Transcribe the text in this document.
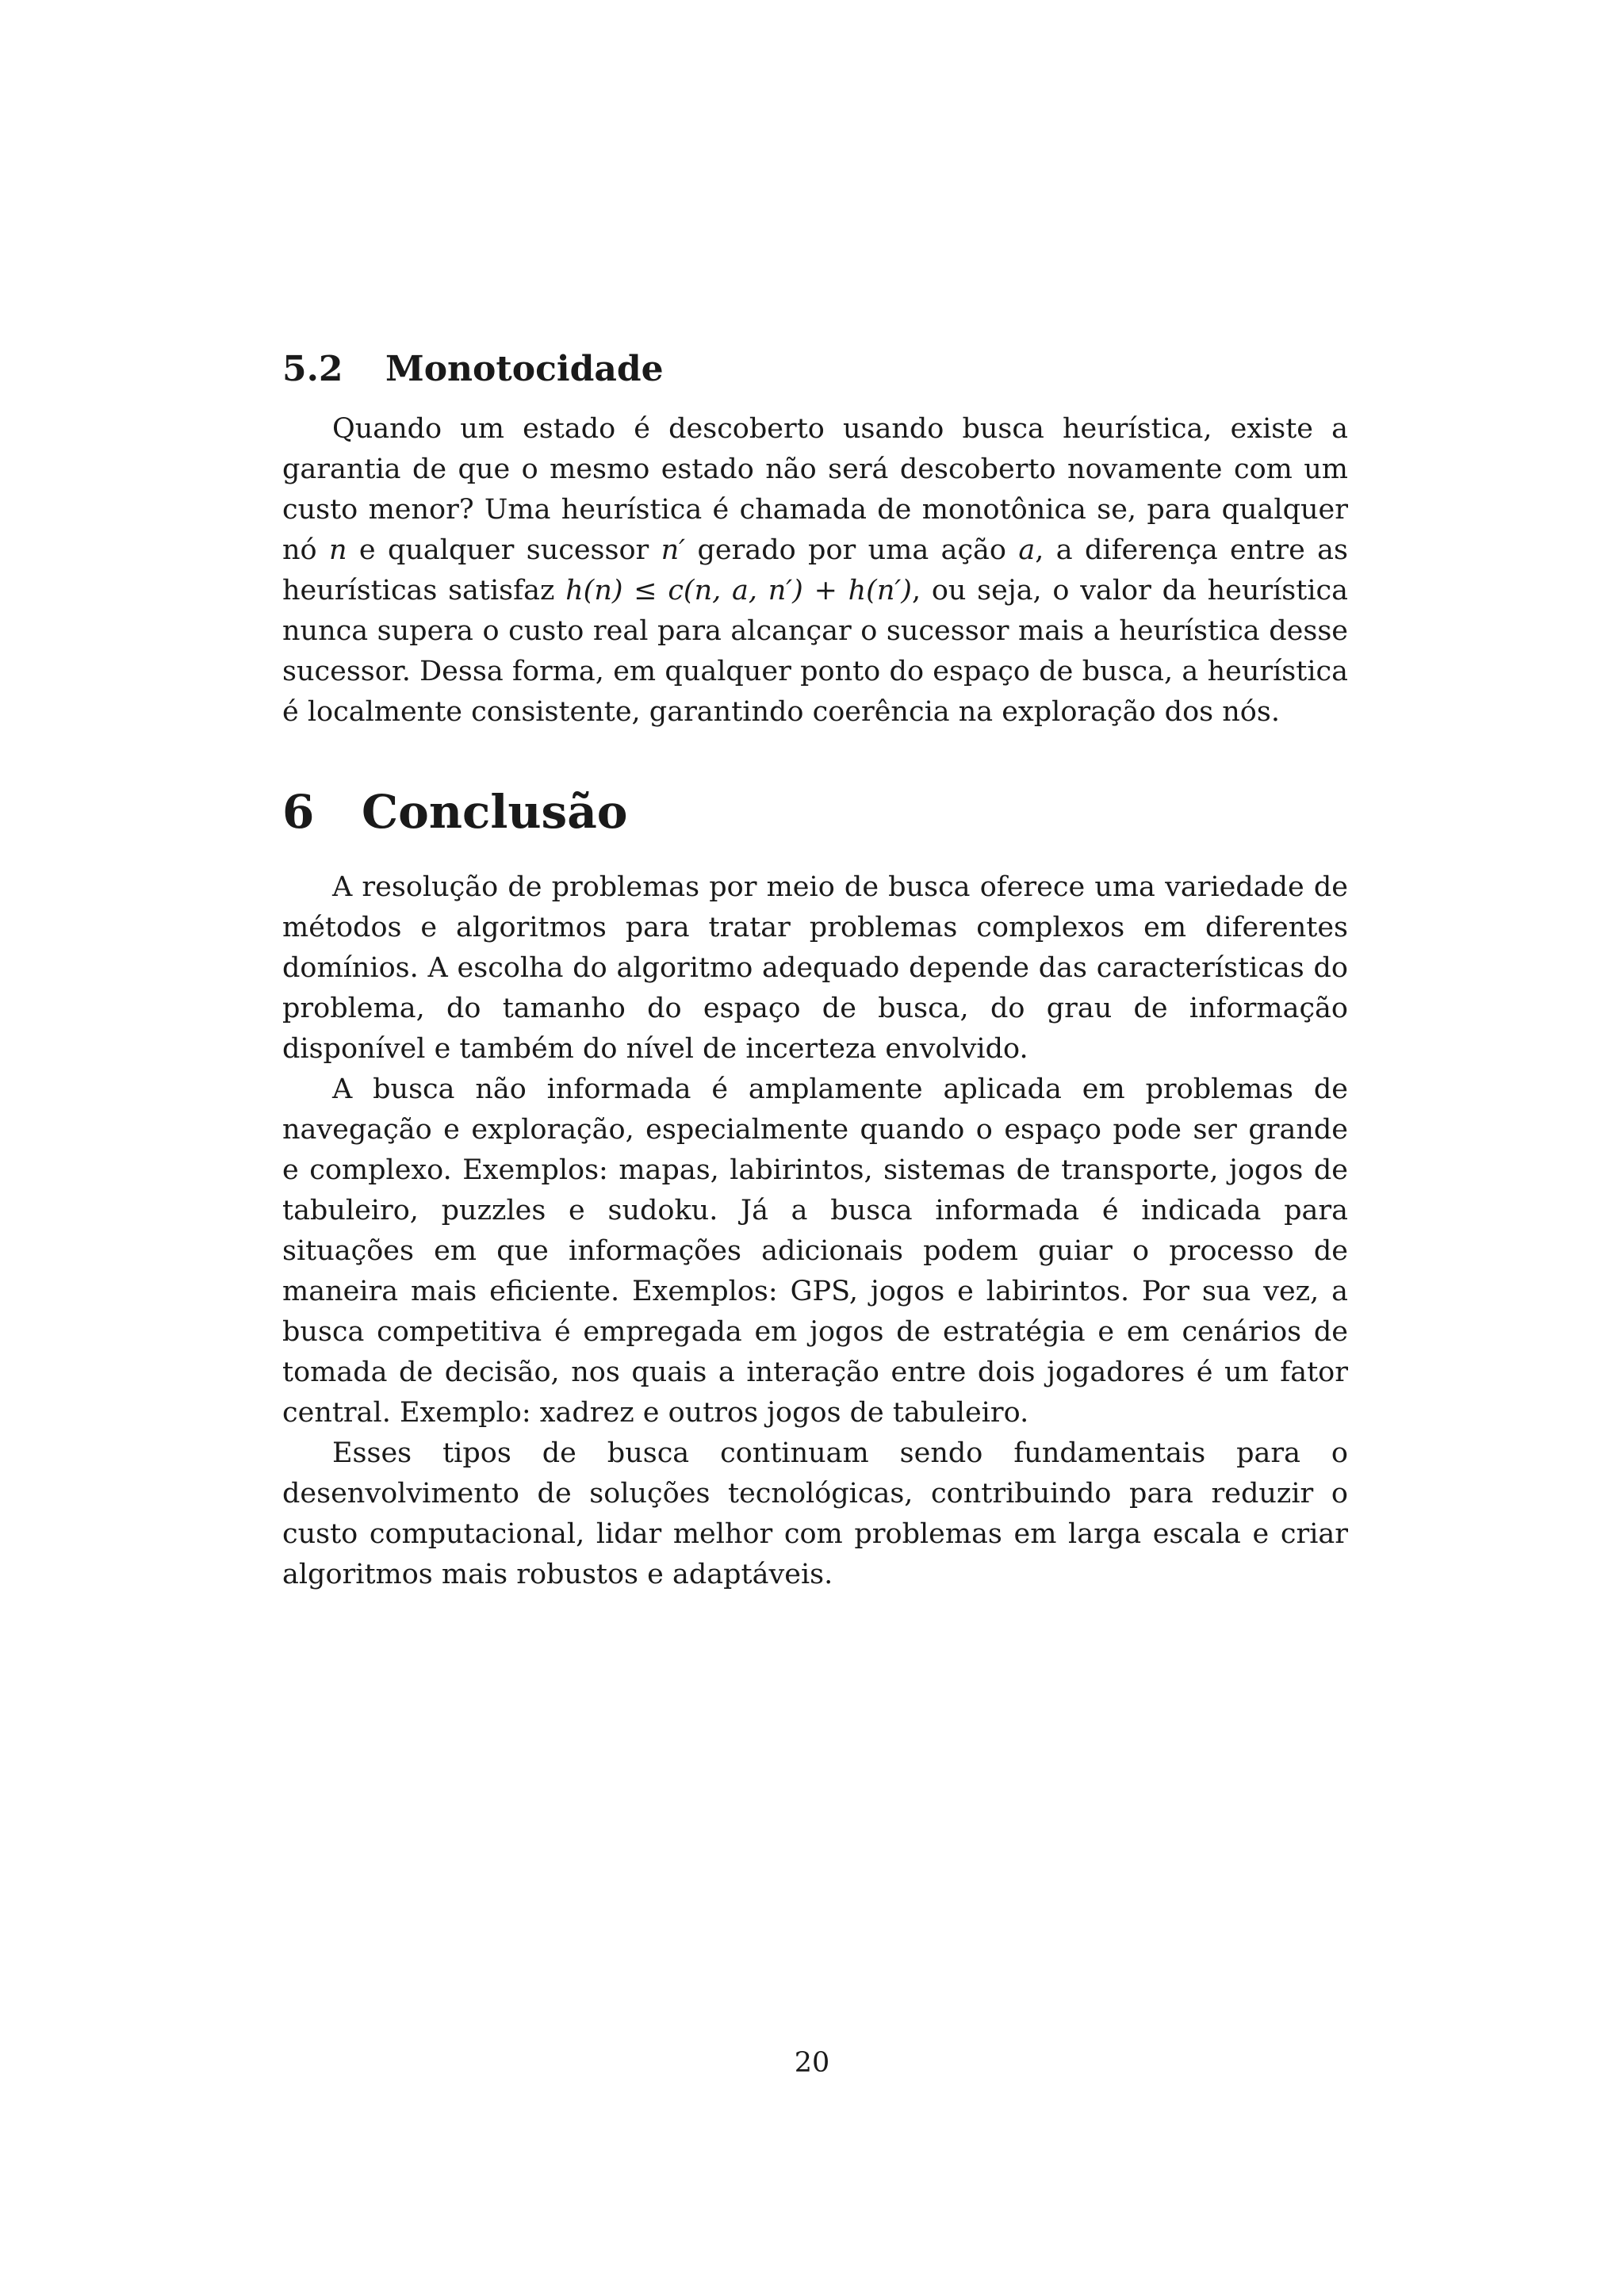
5.2 Monotocidade

Quando um estado é descoberto usando busca heurística, existe a garantia de que o mesmo estado não será descoberto novamente com um custo menor? Uma heurística é chamada de monotônica se, para qualquer nó n e qualquer sucessor n′ gerado por uma ação a, a diferença entre as heurísticas satisfaz h(n) ≤ c(n, a, n′) + h(n′), ou seja, o valor da heurística nunca supera o custo real para alcançar o sucessor mais a heurística desse sucessor. Dessa forma, em qualquer ponto do espaço de busca, a heurística é localmente consistente, garantindo coerência na exploração dos nós.

6 Conclusão

A resolução de problemas por meio de busca oferece uma variedade de métodos e algoritmos para tratar problemas complexos em diferentes domínios. A escolha do algoritmo adequado depende das características do problema, do tamanho do espaço de busca, do grau de informação disponível e também do nível de incerteza envolvido.

A busca não informada é amplamente aplicada em problemas de navegação e exploração, especialmente quando o espaço pode ser grande e complexo. Exemplos: mapas, labirintos, sistemas de transporte, jogos de tabuleiro, puzzles e sudoku. Já a busca informada é indicada para situações em que informações adicionais podem guiar o processo de maneira mais eficiente. Exemplos: GPS, jogos e labirintos. Por sua vez, a busca competitiva é empregada em jogos de estratégia e em cenários de tomada de decisão, nos quais a interação entre dois jogadores é um fator central. Exemplo: xadrez e outros jogos de tabuleiro.

Esses tipos de busca continuam sendo fundamentais para o desenvolvimento de soluções tecnológicas, contribuindo para reduzir o custo computacional, lidar melhor com problemas em larga escala e criar algoritmos mais robustos e adaptáveis.

20
